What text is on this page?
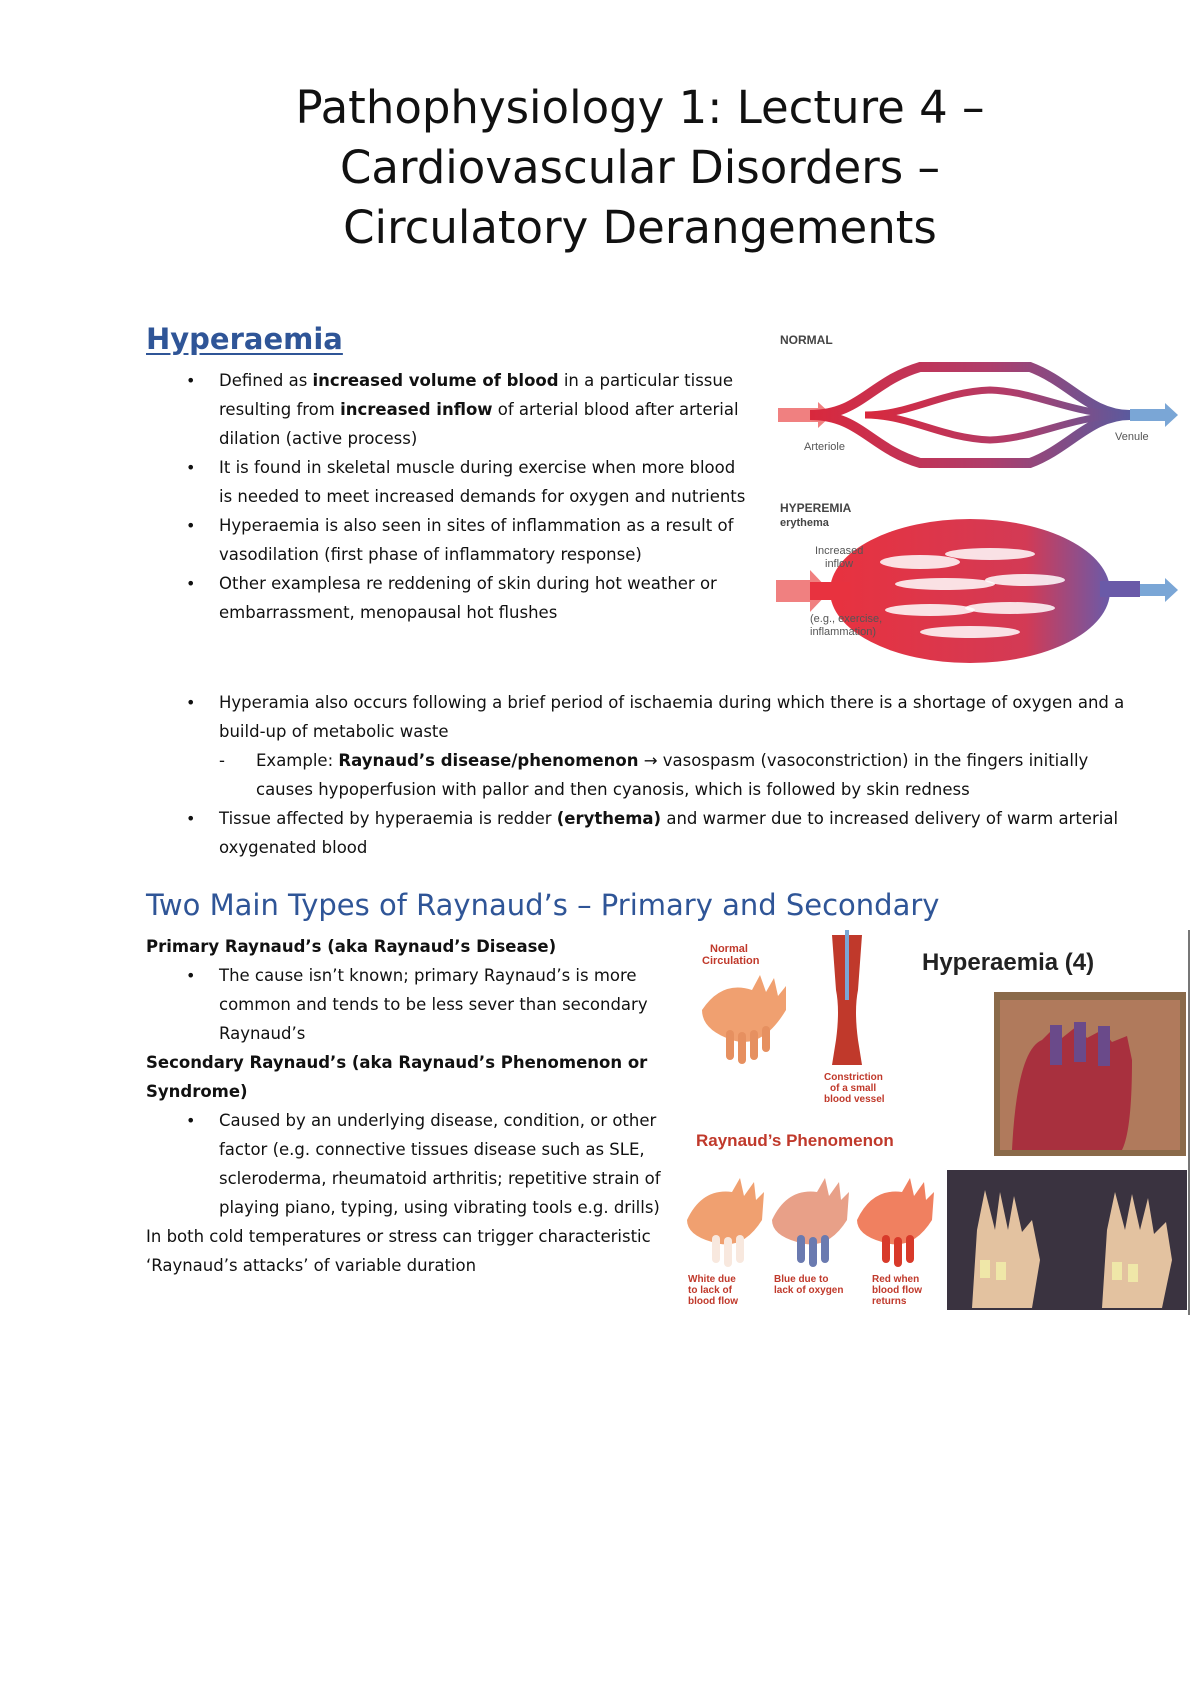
Pathophysiology 1: Lecture 4 –
Cardiovascular Disorders –
Circulatory Derangements
Hyperaemia
• Defined as increased volume of blood in a particular tissue resulting from increased inflow of arterial blood after arterial dilation (active process)
• It is found in skeletal muscle during exercise when more blood is needed to meet increased demands for oxygen and nutrients
• Hyperaemia is also seen in sites of inflammation as a result of vasodilation (first phase of inflammatory response)
• Other examplesa re reddening of skin during hot weather or embarrassment, menopausal hot flushes
• Hyperamia also occurs following a brief period of ischaemia during which there is a shortage of oxygen and a build-up of metabolic waste
- Example: Raynaud’s disease/phenomenon → vasospasm (vasoconstriction) in the fingers initially causes hypoperfusion with pallor and then cyanosis, which is followed by skin redness
• Tissue affected by hyperaemia is redder (erythema) and warmer due to increased delivery of warm arterial oxygenated blood
NORMAL
Arteriole
Venule
HYPEREMIA
erythema
Increased
inflow
(e.g., exercise,
inflammation)
Two Main Types of Raynaud’s – Primary and Secondary
Primary Raynaud’s (aka Raynaud’s Disease)
• The cause isn’t known; primary Raynaud’s is more common and tends to be less sever than secondary Raynaud’s
Secondary Raynaud’s (aka Raynaud’s Phenomenon or Syndrome)
• Caused by an underlying disease, condition, or other factor (e.g. connective tissues disease such as SLE, scleroderma, rheumatoid arthritis; repetitive strain of playing piano, typing, using vibrating tools e.g. drills)
In both cold temperatures or stress can trigger characteristic ‘Raynaud’s attacks’ of variable duration
Normal
Circulation
Constriction
of a small
blood vessel
Hyperaemia (4)
Raynaud’s Phenomenon
White due
to lack of
blood flow
Blue due to
lack of oxygen
Red when
blood flow
returns
